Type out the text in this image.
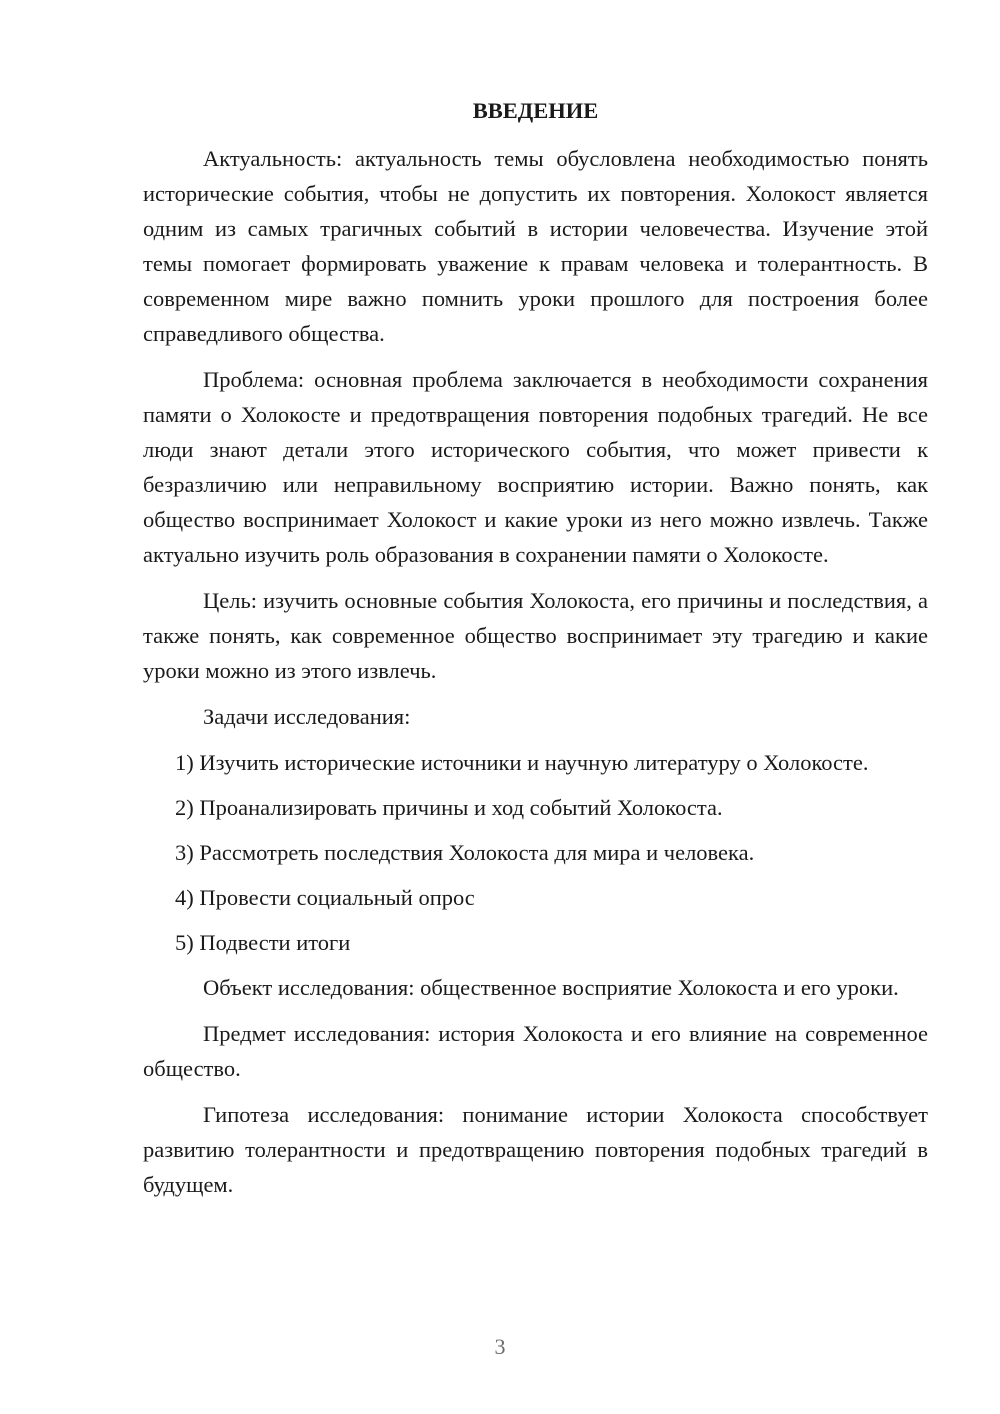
ВВЕДЕНИЕ

Актуальность: актуальность темы обусловлена необходимостью понять исторические события, чтобы не допустить их повторения. Холокост является одним из самых трагичных событий в истории человечества. Изучение этой темы помогает формировать уважение к правам человека и толерантность. В современном мире важно помнить уроки прошлого для построения более справедливого общества.

Проблема: основная проблема заключается в необходимости сохранения памяти о Холокосте и предотвращения повторения подобных трагедий. Не все люди знают детали этого исторического события, что может привести к безразличию или неправильному восприятию истории. Важно понять, как общество воспринимает Холокост и какие уроки из него можно извлечь. Также актуально изучить роль образования в сохранении памяти о Холокосте.

Цель: изучить основные события Холокоста, его причины и последствия, а также понять, как современное общество воспринимает эту трагедию и какие уроки можно из этого извлечь.

Задачи исследования:

1) Изучить исторические источники и научную литературу о Холокосте.

2) Проанализировать причины и ход событий Холокоста.

3) Рассмотреть последствия Холокоста для мира и человека.

4) Провести социальный опрос

5) Подвести итоги

Объект исследования: общественное восприятие Холокоста и его уроки.

Предмет исследования: история Холокоста и его влияние на современное общество.

Гипотеза исследования: понимание истории Холокоста способствует развитию толерантности и предотвращению повторения подобных трагедий в будущем.

3
